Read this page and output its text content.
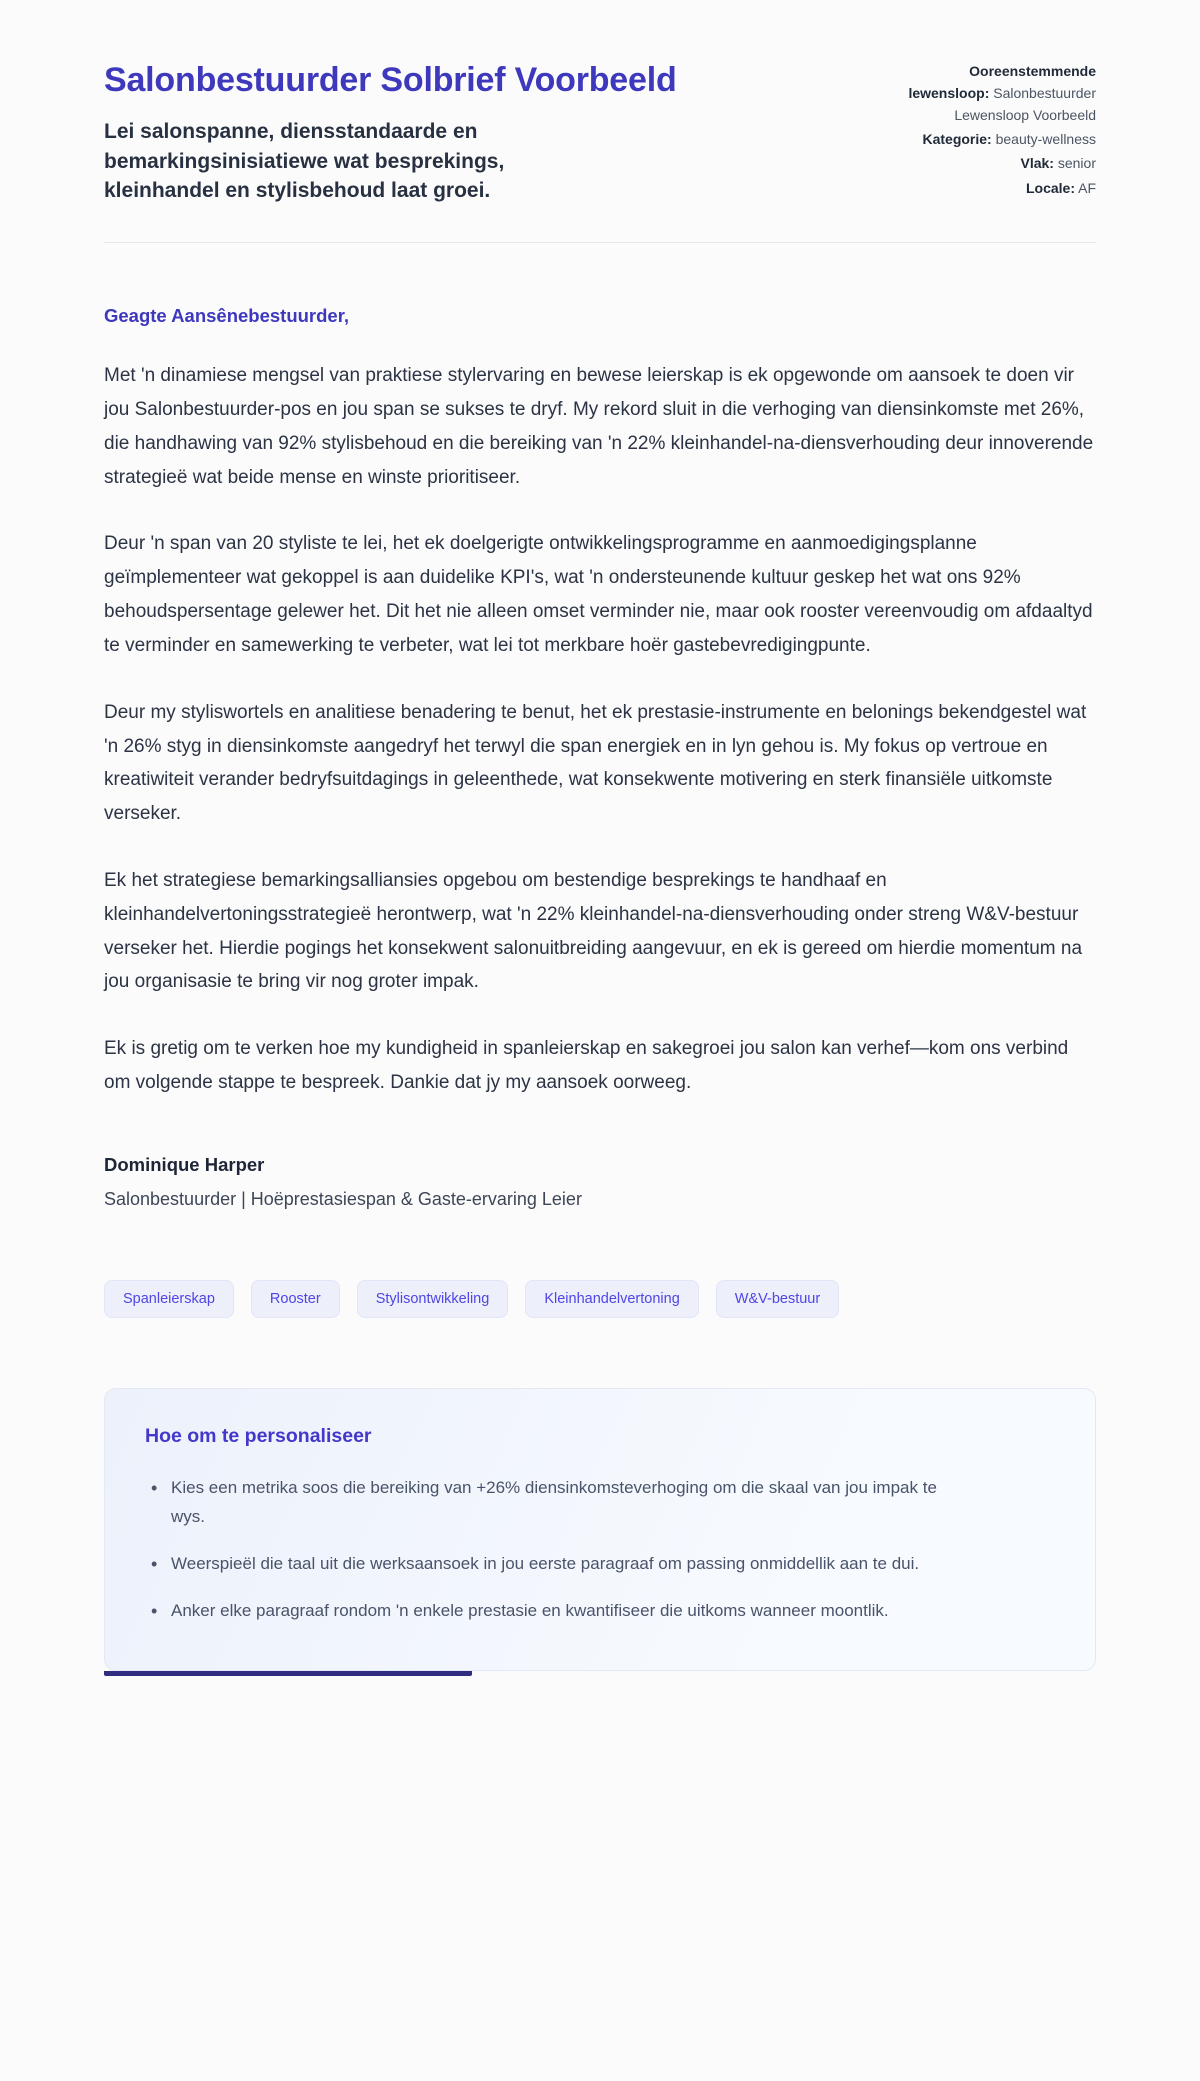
Salonbestuurder Solbrief Voorbeeld
Lei salonspanne, diensstandaarde en bemarkingsinisiatiewe wat besprekings, kleinhandel en stylisbehoud laat groei.
Ooreenstemmende lewensloop: Salonbestuurder Lewensloop Voorbeeld
Kategorie: beauty-wellness
Vlak: senior
Locale: AF
Geagte Aansênebestuurder,

Met 'n dinamiese mengsel van praktiese stylervaring en bewese leierskap is ek opgewonde om aansoek te doen vir jou Salonbestuurder-pos en jou span se sukses te dryf. My rekord sluit in die verhoging van diensinkomste met 26%, die handhawing van 92% stylisbehoud en die bereiking van 'n 22% kleinhandel-na-diensverhouding deur innoverende strategieë wat beide mense en winste prioritiseer.

Deur 'n span van 20 styliste te lei, het ek doelgerigte ontwikkelingsprogramme en aanmoedigingsplanne geïmplementeer wat gekoppel is aan duidelike KPI's, wat 'n ondersteunende kultuur geskep het wat ons 92% behoudspersentage gelewer het. Dit het nie alleen omset verminder nie, maar ook rooster vereenvoudig om afdaaltyd te verminder en samewerking te verbeter, wat lei tot merkbare hoër gastebevredigingpunte.

Deur my styliswortels en analitiese benadering te benut, het ek prestasie-instrumente en belonings bekendgestel wat 'n 26% styg in diensinkomste aangedryf het terwyl die span energiek en in lyn gehou is. My fokus op vertroue en kreatiwiteit verander bedryfsuitdagings in geleenthede, wat konsekwente motivering en sterk finansiële uitkomste verseker.

Ek het strategiese bemarkingsalliansies opgebou om bestendige besprekings te handhaaf en kleinhandelvertoningsstrategieë herontwerp, wat 'n 22% kleinhandel-na-diensverhouding onder streng W&V-bestuur verseker het. Hierdie pogings het konsekwent salonuitbreiding aangevuur, en ek is gereed om hierdie momentum na jou organisasie te bring vir nog groter impak.

Ek is gretig om te verken hoe my kundigheid in spanleierskap en sakegroei jou salon kan verhef—kom ons verbind om volgende stappe te bespreek. Dankie dat jy my aansoek oorweeg.

Dominique Harper
Salonbestuurder | Hoëprestasiespan & Gaste-ervaring Leier
Spanleierskap	Rooster	Stylisontwikkeling	Kleinhandelvertoning	W&V-bestuur
Hoe om te personaliseer
• Kies een metrika soos die bereiking van +26% diensinkomsteverhoging om die skaal van jou impak te wys.
• Weerspieël die taal uit die werksaansoek in jou eerste paragraaf om passing onmiddellik aan te dui.
• Anker elke paragraaf rondom 'n enkele prestasie en kwantifiseer die uitkoms wanneer moontlik.
